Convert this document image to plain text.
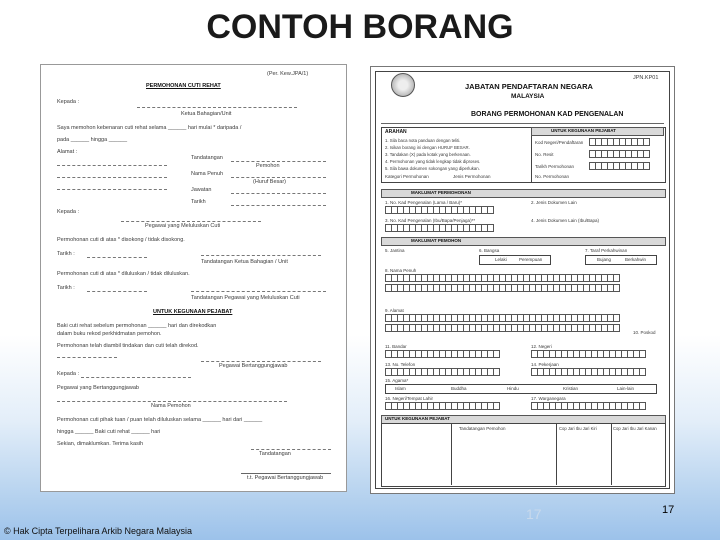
CONTOH BORANG
(Per. Kew.JPA/1)
PERMOHONAN CUTI REHAT
Kepada :
Ketua Bahagian/Unit
Saya memohon kebenaran cuti rehat selama ______ hari mulai * daripada /
pada ______ hingga ______
Alamat :
Tandatangan
Pemohon
Nama Penuh
(Huruf Besar)
Jawatan
Tarikh
Kepada :
Pegawai yang Meluluskan Cuti
Permohonan cuti di atas * disokong / tidak disokong.
Tarikh :
Tandatangan Ketua Bahagian / Unit
Permohonan cuti di atas * diluluskan / tidak diluluskan.
Tarikh :
Tandatangan Pegawai yang Meluluskan Cuti
UNTUK KEGUNAAN PEJABAT
Baki cuti rehat sebelum permohonan ______ hari dan direkodkan
dalam buku rekod perkhidmatan pemohon.
Permohonan telah diambil tindakan dan cuti telah direkod.
Pegawai Bertanggungjawab
Kepada :
Pegawai yang Bertanggungjawab
Nama Pemohon
Permohonan cuti pihak tuan / puan telah diluluskan selama ______ hari dari ______
hingga ______ Baki cuti rehat ______ hari
Sekian, dimaklumkan. Terima kasih
Tandatangan
t.t. Pegawai Bertanggungjawab
JPN.KP01
JABATAN PENDAFTARAN NEGARA
MALAYSIA
BORANG PERMOHONAN KAD PENGENALAN
ARAHAN	UNTUK KEGUNAAN PEJABAT
Kod Negeri/Pendaftaran
No. Resit
Tarikh Permohonan
Kategori Permohonan	Jenis Permohonan	No. Permohonan
MAKLUMAT PERMOHONAN
1. No. Kad Pengenalan (Lama / Baru)*	2. Jenis Dokumen Lain
3. No. Kad Pengenalan (Ibu/Bapa/Penjaga)**	4. Jenis Dokumen Lain (Ibu/Bapa)
MAKLUMAT PEMOHON
5. Jantina	6. Bangsa	7. Taraf Perkahwinan
Lelaki	Perempuan	Bujang	Berkahwin
8. Nama Penuh
9. Alamat
10. Poskod
11. Bandar	12. Negeri
13. No. Telefon	14. Pekerjaan
15. Agama*
Islam	Buddha	Hindu	Kristian	Lain-lain
16. Negeri/Tempat Lahir	17. Warganegara
UNTUK KEGUNAAN PEJABAT
Tandatangan Pemohon	Cop Jari Ibu Jari Kiri	Cop Jari Ibu Jari Kanan
1. Sila baca nota panduan dengan teliti.
2. Isikan borang ini dengan HURUF BESAR.
3. Tandakan (X) pada kotak yang berkenaan.
4. Permohonan yang tidak lengkap tidak diproses.
5. Sila bawa dokumen sokongan yang diperlukan.
17	17
© Hak Cipta Terpelihara Arkib Negara Malaysia
